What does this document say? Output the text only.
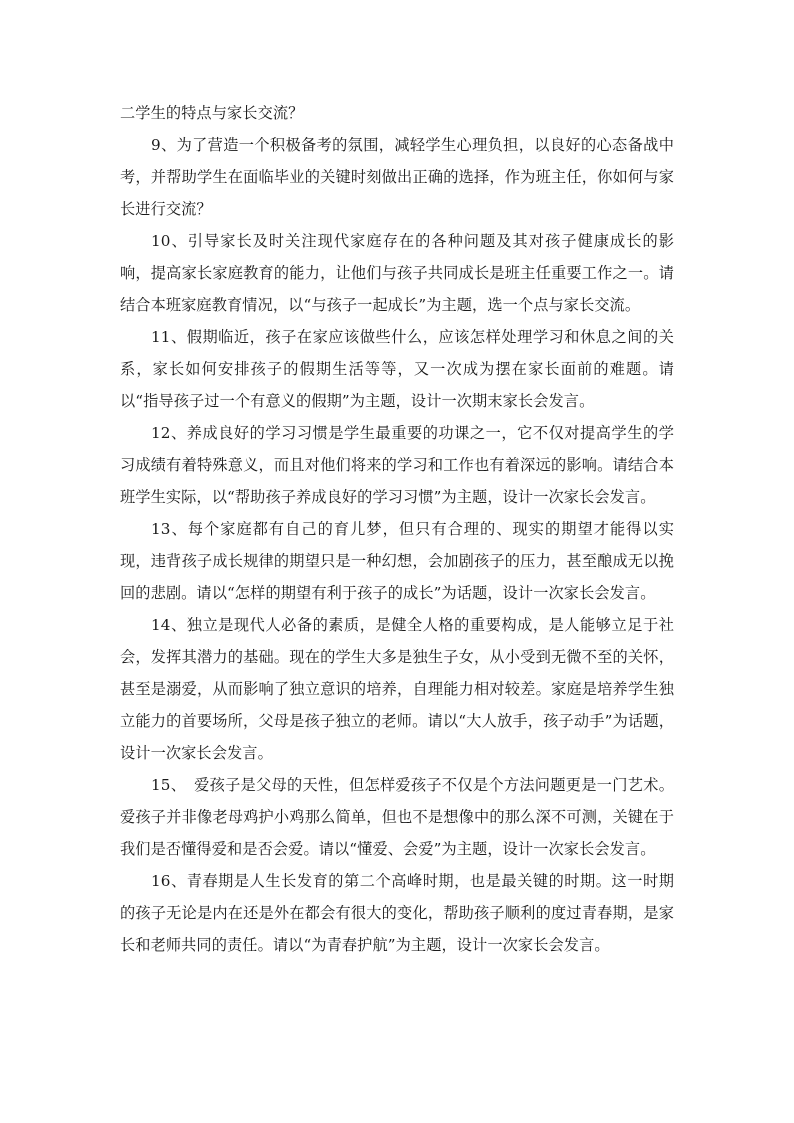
二学生的特点与家长交流？

9、为了营造一个积极备考的氛围，减轻学生心理负担，以良好的心态备战中考，并帮助学生在面临毕业的关键时刻做出正确的选择，作为班主任，你如何与家长进行交流？

10、引导家长及时关注现代家庭存在的各种问题及其对孩子健康成长的影响，提高家长家庭教育的能力，让他们与孩子共同成长是班主任重要工作之一。请结合本班家庭教育情况，以“与孩子一起成长”为主题，选一个点与家长交流。

11、假期临近，孩子在家应该做些什么，应该怎样处理学习和休息之间的关系，家长如何安排孩子的假期生活等等，又一次成为摆在家长面前的难题。请以“指导孩子过一个有意义的假期”为主题，设计一次期末家长会发言。

12、养成良好的学习习惯是学生最重要的功课之一，它不仅对提高学生的学习成绩有着特殊意义，而且对他们将来的学习和工作也有着深远的影响。请结合本班学生实际，以“帮助孩子养成良好的学习习惯”为主题，设计一次家长会发言。

13、每个家庭都有自己的育儿梦，但只有合理的、现实的期望才能得以实现，违背孩子成长规律的期望只是一种幻想，会加剧孩子的压力，甚至酿成无以挽回的悲剧。请以“怎样的期望有利于孩子的成长”为话题，设计一次家长会发言。

14、独立是现代人必备的素质，是健全人格的重要构成，是人能够立足于社会，发挥其潜力的基础。现在的学生大多是独生子女，从小受到无微不至的关怀，甚至是溺爱，从而影响了独立意识的培养，自理能力相对较差。家庭是培养学生独立能力的首要场所，父母是孩子独立的老师。请以“大人放手，孩子动手”为话题，设计一次家长会发言。

15、　爱孩子是父母的天性，但怎样爱孩子不仅是个方法问题更是一门艺术。爱孩子并非像老母鸡护小鸡那么简单，但也不是想像中的那么深不可测，关键在于我们是否懂得爱和是否会爱。请以“懂爱、会爱”为主题，设计一次家长会发言。

16、青春期是人生长发育的第二个高峰时期，也是最关键的时期。这一时期的孩子无论是内在还是外在都会有很大的变化，帮助孩子顺利的度过青春期，是家长和老师共同的责任。请以“为青春护航”为主题，设计一次家长会发言。
